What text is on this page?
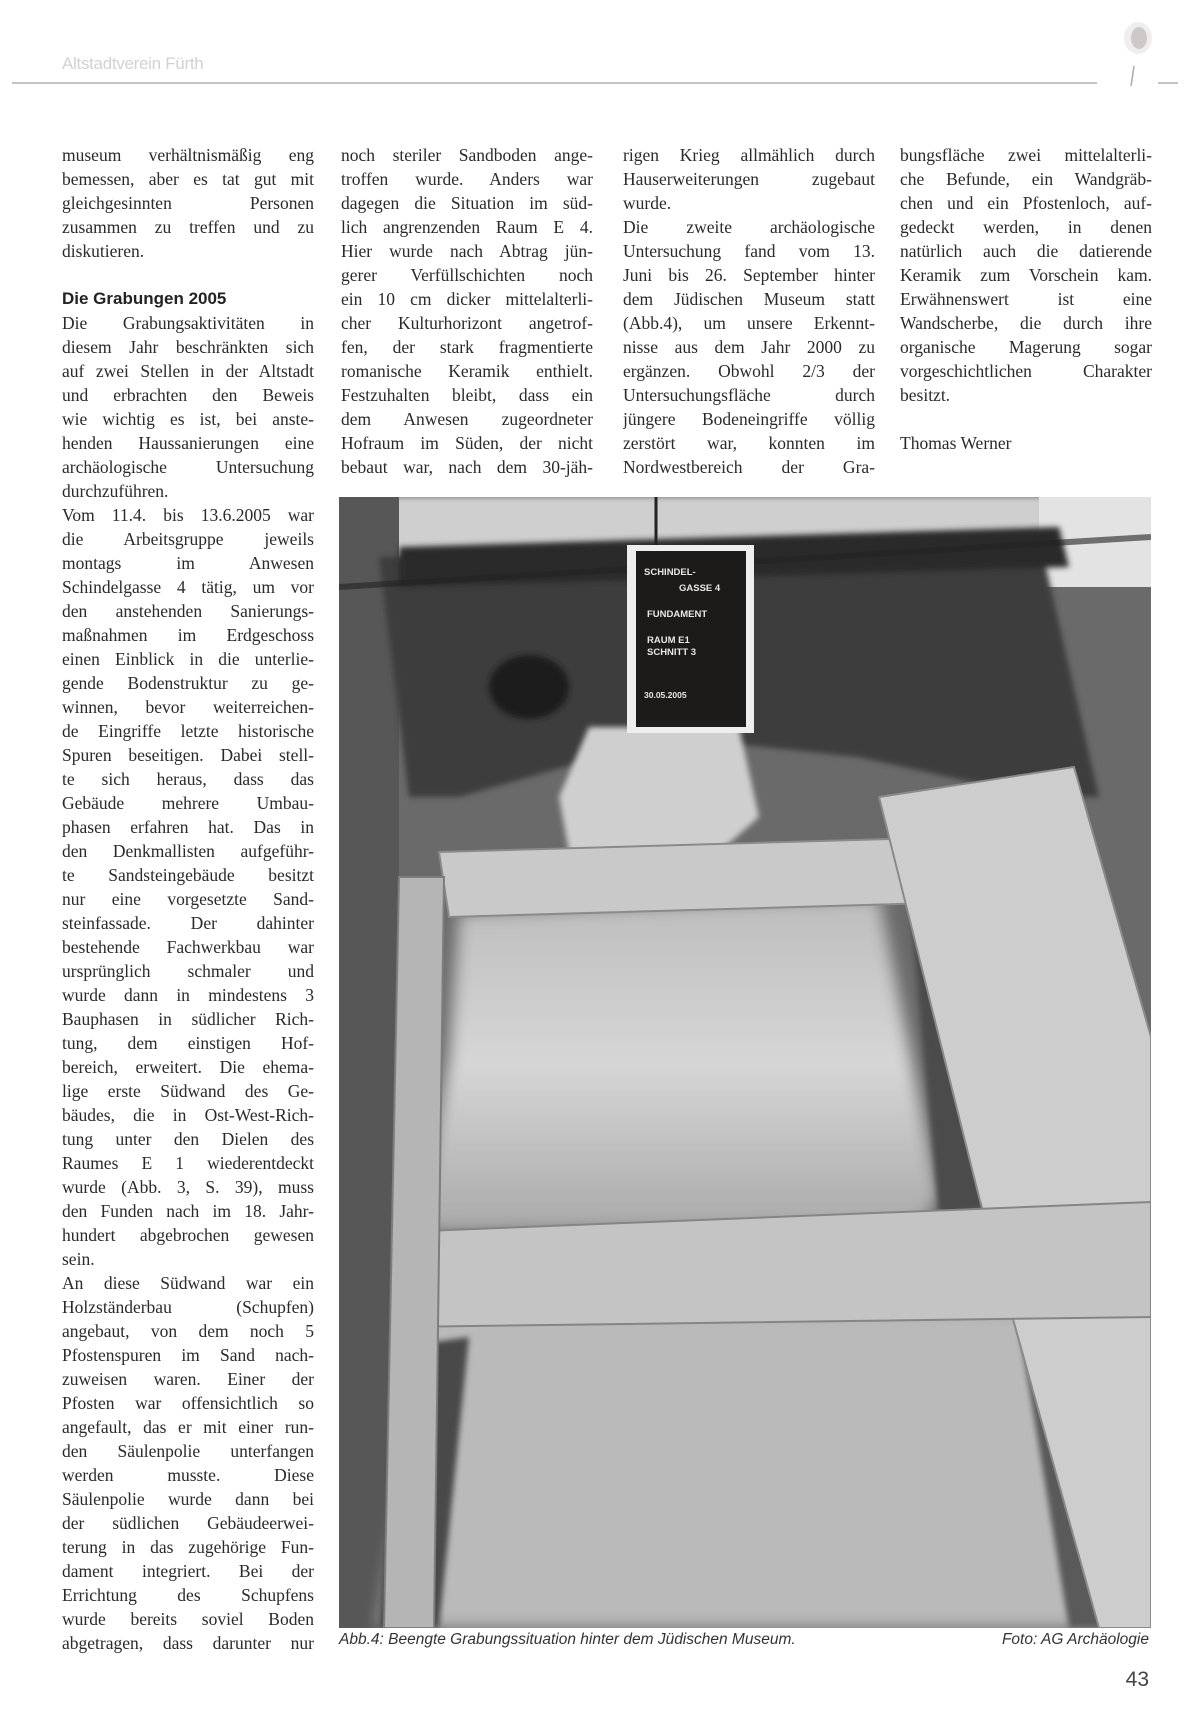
Altstadtverein Fürth
museum verhältnismäßig eng
bemessen, aber es tat gut mit
gleichgesinnten Personen
zusammen zu treffen und zu
diskutieren.
Die Grabungen 2005
Die Grabungsaktivitäten in
diesem Jahr beschränkten sich
auf zwei Stellen in der Altstadt
und erbrachten den Beweis
wie wichtig es ist, bei anste-
henden Haussanierungen eine
archäologische Untersuchung
durchzuführen.
Vom 11.4. bis 13.6.2005 war
die Arbeitsgruppe jeweils
montags im Anwesen
Schindelgasse 4 tätig, um vor
den anstehenden Sanierungs-
maßnahmen im Erdgeschoss
einen Einblick in die unterlie-
gende Bodenstruktur zu ge-
winnen, bevor weiterreichen-
de Eingriffe letzte historische
Spuren beseitigen. Dabei stell-
te sich heraus, dass das
Gebäude mehrere Umbau-
phasen erfahren hat. Das in
den Denkmallisten aufgeführ-
te Sandsteingebäude besitzt
nur eine vorgesetzte Sand-
steinfassade. Der dahinter
bestehende Fachwerkbau war
ursprünglich schmaler und
wurde dann in mindestens 3
Bauphasen in südlicher Rich-
tung, dem einstigen Hof-
bereich, erweitert. Die ehema-
lige erste Südwand des Ge-
bäudes, die in Ost-West-Rich-
tung unter den Dielen des
Raumes E 1 wiederentdeckt
wurde (Abb. 3, S. 39), muss
den Funden nach im 18. Jahr-
hundert abgebrochen gewesen
sein.
An diese Südwand war ein
Holzständerbau (Schupfen)
angebaut, von dem noch 5
Pfostenspuren im Sand nach-
zuweisen waren. Einer der
Pfosten war offensichtlich so
angefault, das er mit einer run-
den Säulenpolie unterfangen
werden musste. Diese
Säulenpolie wurde dann bei
der südlichen Gebäudeerwei-
terung in das zugehörige Fun-
dament integriert. Bei der
Errichtung des Schupfens
wurde bereits soviel Boden
abgetragen, dass darunter nur
noch steriler Sandboden ange-
troffen wurde. Anders war
dagegen die Situation im süd-
lich angrenzenden Raum E 4.
Hier wurde nach Abtrag jün-
gerer Verfüllschichten noch
ein 10 cm dicker mittelalterli-
cher Kulturhorizont angetrof-
fen, der stark fragmentierte
romanische Keramik enthielt.
Festzuhalten bleibt, dass ein
dem Anwesen zugeordneter
Hofraum im Süden, der nicht
bebaut war, nach dem 30-jäh-
rigen Krieg allmählich durch
Hauserweiterungen zugebaut
wurde.
Die zweite archäologische
Untersuchung fand vom 13.
Juni bis 26. September hinter
dem Jüdischen Museum statt
(Abb.4), um unsere Erkennt-
nisse aus dem Jahr 2000 zu
ergänzen. Obwohl 2/3 der
Untersuchungsfläche durch
jüngere Bodeneingriffe völlig
zerstört war, konnten im
Nordwestbereich der Gra-
bungsfläche zwei mittelalterli-
che Befunde, ein Wandgräb-
chen und ein Pfostenloch, auf-
gedeckt werden, in denen
natürlich auch die datierende
Keramik zum Vorschein kam.
Erwähnenswert ist eine
Wandscherbe, die durch ihre
organische Magerung sogar
vorgeschichtlichen Charakter
besitzt.
Thomas Werner
SCHINDEL-
GASSE 4
FUNDAMENT
RAUM E1
SCHNITT 3
30.05.2005
Abb.4: Beengte Grabungssituation hinter dem Jüdischen Museum.	Foto: AG Archäologie
43
